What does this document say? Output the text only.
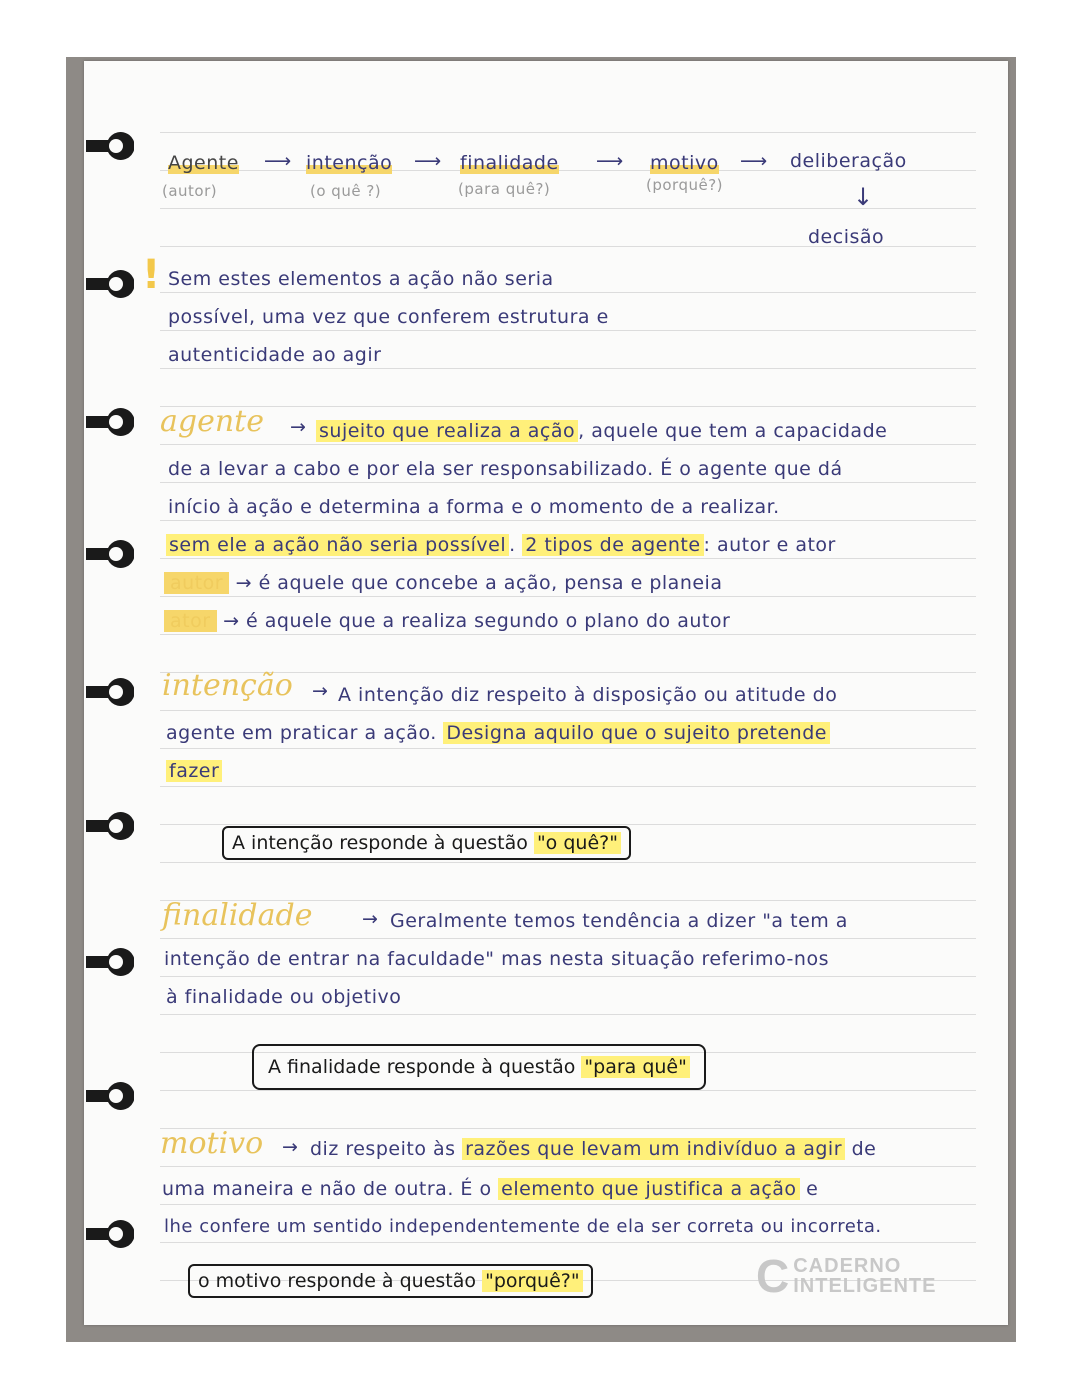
Agente
(autor)
⟶ intenção
(o quê ?)
⟶ finalidade
(para quê?)
⟶ motivo
(porquê?)
⟶ deliberação
↓
decisão
! Sem estes elementos a ação não seria
possível, uma vez que conferem estrutura e
autenticidade ao agir
agente → sujeito que realiza a ação , aquele que tem a capacidade
de a levar a cabo e por ela ser responsabilizado. É o agente que dá
início à ação e determina a forma e o momento de a realizar.
sem ele a ação não seria possível . 2 tipos de agente : autor e ator
autor → é aquele que concebe a ação, pensa e planeia
ator → é aquele que a realiza segundo o plano do autor
intenção → A intenção diz respeito à disposição ou atitude do
agente em praticar a ação. Designa aquilo que o sujeito pretende
fazer
A intenção responde à questão "o quê?"
finalidade	→ Geralmente temos tendência a dizer "a tem a
intenção de entrar na faculdade" mas nesta situação referimo-nos
à finalidade ou objetivo
A finalidade responde à questão "para quê"
motivo → diz respeito às razões que levam um indivíduo a agir de
uma maneira e não de outra. É o elemento que justifica a ação e
lhe confere um sentido independentemente de ela ser correta ou incorreta.
o motivo responde à questão "porquê?"	C CADERNO
INTELIGENTE
